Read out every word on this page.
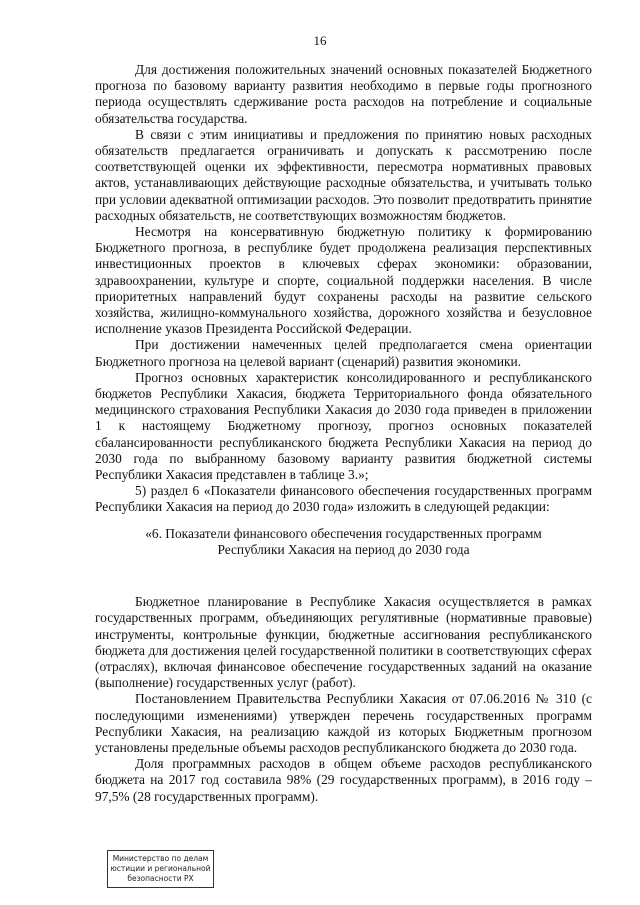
16

Для достижения положительных значений основных показателей Бюджетного прогноза по базовому варианту развития необходимо в первые годы прогнозного периода осуществлять сдерживание роста расходов на потребление и социальные обязательства государства.

В связи с этим инициативы и предложения по принятию новых расходных обязательств предлагается ограничивать и допускать к рассмотрению после соответствующей оценки их эффективности, пересмотра нормативных правовых актов, устанавливающих действующие расходные обязательства, и учитывать только при условии адекватной оптимизации расходов. Это позволит предотвратить принятие расходных обязательств, не соответствующих возможностям бюджетов.

Несмотря на консервативную бюджетную политику к формированию Бюджетного прогноза, в республике будет продолжена реализация перспективных инвестиционных проектов в ключевых сферах экономики: образовании, здравоохранении, культуре и спорте, социальной поддержки населения. В числе приоритетных направлений будут сохранены расходы на развитие сельского хозяйства, жилищно-коммунального хозяйства, дорожного хозяйства и безусловное исполнение указов Президента Российской Федерации.

При достижении намеченных целей предполагается смена ориентации Бюджетного прогноза на целевой вариант (сценарий) развития экономики.

Прогноз основных характеристик консолидированного и республиканского бюджетов Республики Хакасия, бюджета Территориального фонда обязательного медицинского страхования Республики Хакасия до 2030 года приведен в приложении 1 к настоящему Бюджетному прогнозу, прогноз основных показателей сбалансированности республиканского бюджета Республики Хакасия на период до 2030 года по выбранному базовому варианту развития бюджетной системы Республики Хакасия представлен в таблице 3.»;

5) раздел 6 «Показатели финансового обеспечения государственных программ Республики Хакасия на период до 2030 года» изложить в следующей редакции:

«6. Показатели финансового обеспечения государственных программ
Республики Хакасия на период до 2030 года

Бюджетное планирование в Республике Хакасия осуществляется в рамках государственных программ, объединяющих регулятивные (нормативные правовые) инструменты, контрольные функции, бюджетные ассигнования республиканского бюджета для достижения целей государственной политики в соответствующих сферах (отраслях), включая финансовое обеспечение государственных заданий на оказание (выполнение) государственных услуг (работ).

Постановлением Правительства Республики Хакасия от 07.06.2016 № 310 (с последующими изменениями) утвержден перечень государственных программ Республики Хакасия, на реализацию каждой из которых Бюджетным прогнозом установлены предельные объемы расходов республиканского бюджета до 2030 года.

Доля программных расходов в общем объеме расходов республиканского бюджета на 2017 год составила 98% (29 государственных программ), в 2016 году – 97,5% (28 государственных программ).

Министерство по делам
юстиции и региональной
безопасности РХ
